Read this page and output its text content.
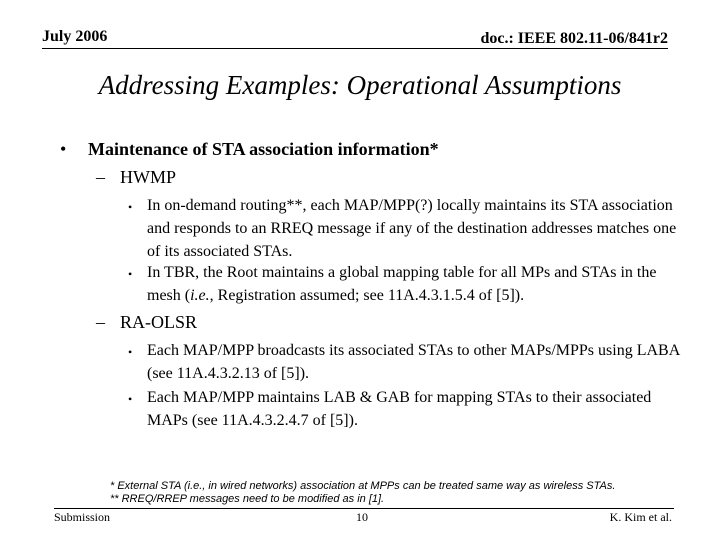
July 2006	doc.: IEEE 802.11-06/841r2
Addressing Examples: Operational Assumptions
• Maintenance of STA association information*
– HWMP
• In on-demand routing**, each MAP/MPP(?) locally maintains its STA association and responds to an RREQ message if any of the destination addresses matches one of its associated STAs.
• In TBR, the Root maintains a global mapping table for all MPs and STAs in the mesh (i.e., Registration assumed; see 11A.4.3.1.5.4 of [5]).
– RA-OLSR
• Each MAP/MPP broadcasts its associated STAs to other MAPs/MPPs using LABA (see 11A.4.3.2.13 of [5]).
• Each MAP/MPP maintains LAB & GAB for mapping STAs to their associated MAPs (see 11A.4.3.2.4.7 of [5]).
* External STA (i.e., in wired networks) association at MPPs can be treated same way as wireless STAs.
** RREQ/RREP messages need to be modified as in [1].
Submission	10	K. Kim et al.
